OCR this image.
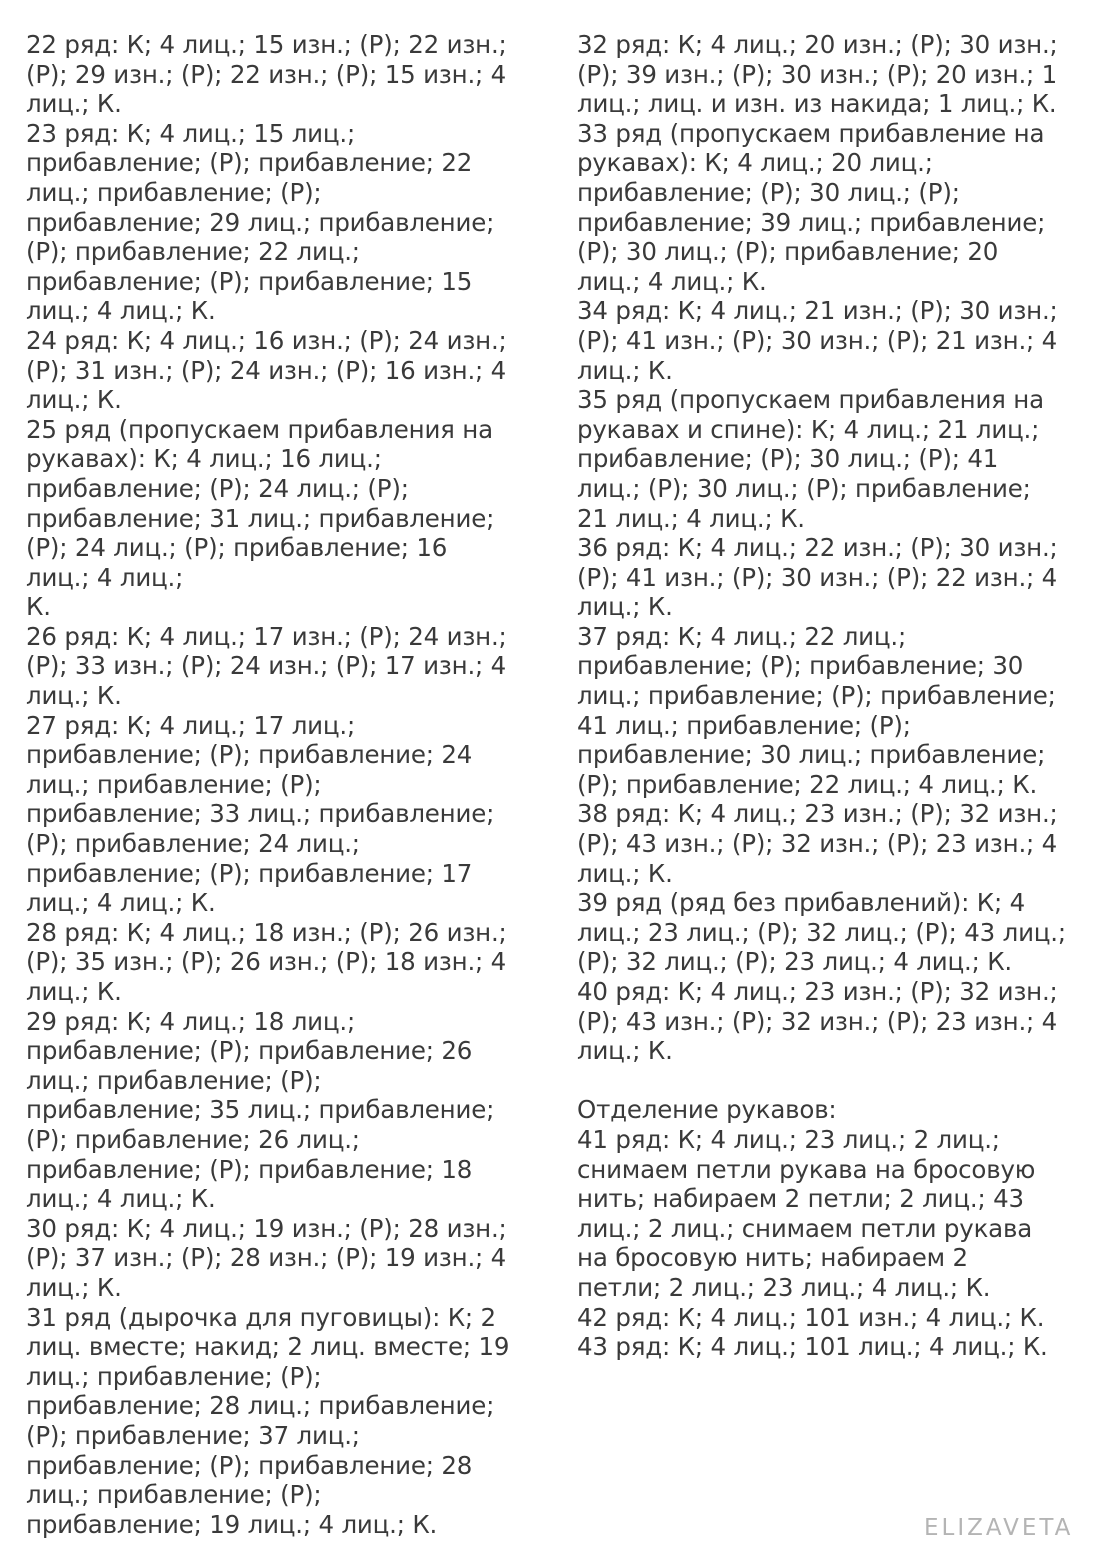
22 ряд: К; 4 лиц.; 15 изн.; (Р); 22 изн.;
(Р); 29 изн.; (Р); 22 изн.; (Р); 15 изн.; 4
лиц.; К.
23 ряд: К; 4 лиц.; 15 лиц.;
прибавление; (Р); прибавление; 22
лиц.; прибавление; (Р);
прибавление; 29 лиц.; прибавление;
(Р); прибавление; 22 лиц.;
прибавление; (Р); прибавление; 15
лиц.; 4 лиц.; К.
24 ряд: К; 4 лиц.; 16 изн.; (Р); 24 изн.;
(Р); 31 изн.; (Р); 24 изн.; (Р); 16 изн.; 4
лиц.; К.
25 ряд (пропускаем прибавления на
рукавах): К; 4 лиц.; 16 лиц.;
прибавление; (Р); 24 лиц.; (Р);
прибавление; 31 лиц.; прибавление;
(Р); 24 лиц.; (Р); прибавление; 16
лиц.; 4 лиц.;
К.
26 ряд: К; 4 лиц.; 17 изн.; (Р); 24 изн.;
(Р); 33 изн.; (Р); 24 изн.; (Р); 17 изн.; 4
лиц.; К.
27 ряд: К; 4 лиц.; 17 лиц.;
прибавление; (Р); прибавление; 24
лиц.; прибавление; (Р);
прибавление; 33 лиц.; прибавление;
(Р); прибавление; 24 лиц.;
прибавление; (Р); прибавление; 17
лиц.; 4 лиц.; К.
28 ряд: К; 4 лиц.; 18 изн.; (Р); 26 изн.;
(Р); 35 изн.; (Р); 26 изн.; (Р); 18 изн.; 4
лиц.; К.
29 ряд: К; 4 лиц.; 18 лиц.;
прибавление; (Р); прибавление; 26
лиц.; прибавление; (Р);
прибавление; 35 лиц.; прибавление;
(Р); прибавление; 26 лиц.;
прибавление; (Р); прибавление; 18
лиц.; 4 лиц.; К.
30 ряд: К; 4 лиц.; 19 изн.; (Р); 28 изн.;
(Р); 37 изн.; (Р); 28 изн.; (Р); 19 изн.; 4
лиц.; К.
31 ряд (дырочка для пуговицы): К; 2
лиц. вместе; накид; 2 лиц. вместе; 19
лиц.; прибавление; (Р);
прибавление; 28 лиц.; прибавление;
(Р); прибавление; 37 лиц.;
прибавление; (Р); прибавление; 28
лиц.; прибавление; (Р);
прибавление; 19 лиц.; 4 лиц.; К.
32 ряд: К; 4 лиц.; 20 изн.; (Р); 30 изн.;
(Р); 39 изн.; (Р); 30 изн.; (Р); 20 изн.; 1
лиц.; лиц. и изн. из накида; 1 лиц.; К.
33 ряд (пропускаем прибавление на
рукавах): К; 4 лиц.; 20 лиц.;
прибавление; (Р); 30 лиц.; (Р);
прибавление; 39 лиц.; прибавление;
(Р); 30 лиц.; (Р); прибавление; 20
лиц.; 4 лиц.; К.
34 ряд: К; 4 лиц.; 21 изн.; (Р); 30 изн.;
(Р); 41 изн.; (Р); 30 изн.; (Р); 21 изн.; 4
лиц.; К.
35 ряд (пропускаем прибавления на
рукавах и спине): К; 4 лиц.; 21 лиц.;
прибавление; (Р); 30 лиц.; (Р); 41
лиц.; (Р); 30 лиц.; (Р); прибавление;
21 лиц.; 4 лиц.; К.
36 ряд: К; 4 лиц.; 22 изн.; (Р); 30 изн.;
(Р); 41 изн.; (Р); 30 изн.; (Р); 22 изн.; 4
лиц.; К.
37 ряд: К; 4 лиц.; 22 лиц.;
прибавление; (Р); прибавление; 30
лиц.; прибавление; (Р); прибавление;
41 лиц.; прибавление; (Р);
прибавление; 30 лиц.; прибавление;
(Р); прибавление; 22 лиц.; 4 лиц.; К.
38 ряд: К; 4 лиц.; 23 изн.; (Р); 32 изн.;
(Р); 43 изн.; (Р); 32 изн.; (Р); 23 изн.; 4
лиц.; К.
39 ряд (ряд без прибавлений): К; 4
лиц.; 23 лиц.; (Р); 32 лиц.; (Р); 43 лиц.;
(Р); 32 лиц.; (Р); 23 лиц.; 4 лиц.; К.
40 ряд: К; 4 лиц.; 23 изн.; (Р); 32 изн.;
(Р); 43 изн.; (Р); 32 изн.; (Р); 23 изн.; 4
лиц.; К.
Отделение рукавов:
41 ряд: К; 4 лиц.; 23 лиц.; 2 лиц.;
снимаем петли рукава на бросовую
нить; набираем 2 петли; 2 лиц.; 43
лиц.; 2 лиц.; снимаем петли рукава
на бросовую нить; набираем 2
петли; 2 лиц.; 23 лиц.; 4 лиц.; К.
42 ряд: К; 4 лиц.; 101 изн.; 4 лиц.; К.
43 ряд: К; 4 лиц.; 101 лиц.; 4 лиц.; К.
ELIZAVETA
